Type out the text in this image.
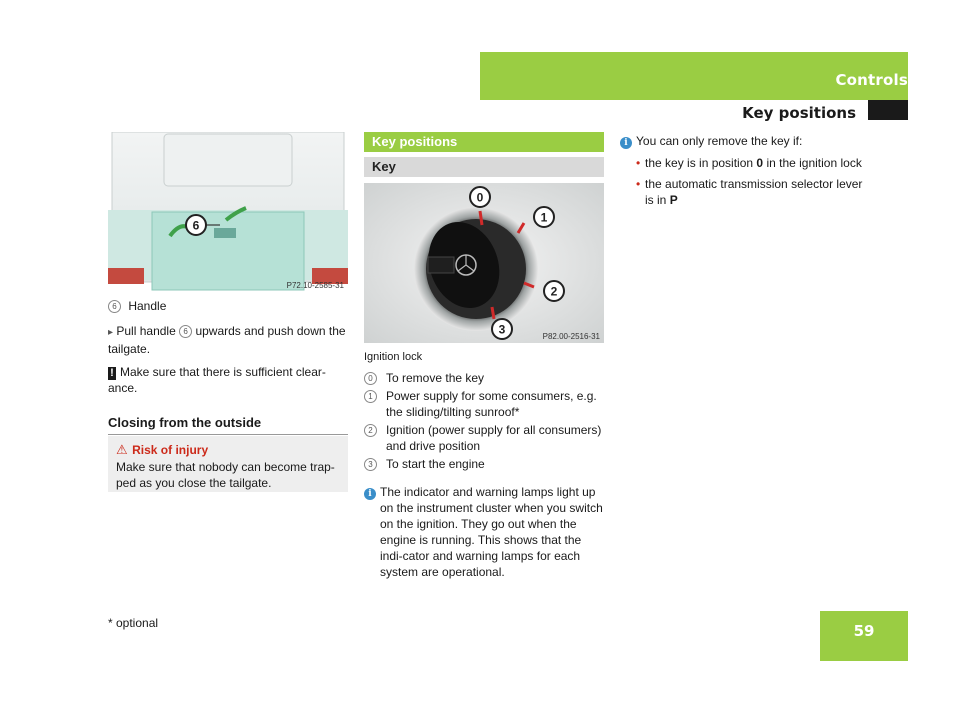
Controls
Key positions
6
P72.10-2585-31
6 Handle
▸ Pull handle 6 upwards and push down the tailgate.
! Make sure that there is sufficient clear-ance.
Closing from the outside
⚠ Risk of injury
Make sure that nobody can become trap-ped as you close the tailgate.
Key positions
Key
0
1
2
3	P82.00-2516-31
Ignition lock
0	To remove the key
1	Power supply for some consumers, e.g. the sliding/tilting sunroof*
2	Ignition (power supply for all consumers) and drive position
3	To start the engine
i The indicator and warning lamps light up on the instrument cluster when you switch on the ignition. They go out when the engine is running. This shows that the indi-cator and warning lamps for each system are operational.
i You can only remove the key if:
• the key is in position 0 in the ignition lock
• the automatic transmission selector lever is in P
* optional	59
